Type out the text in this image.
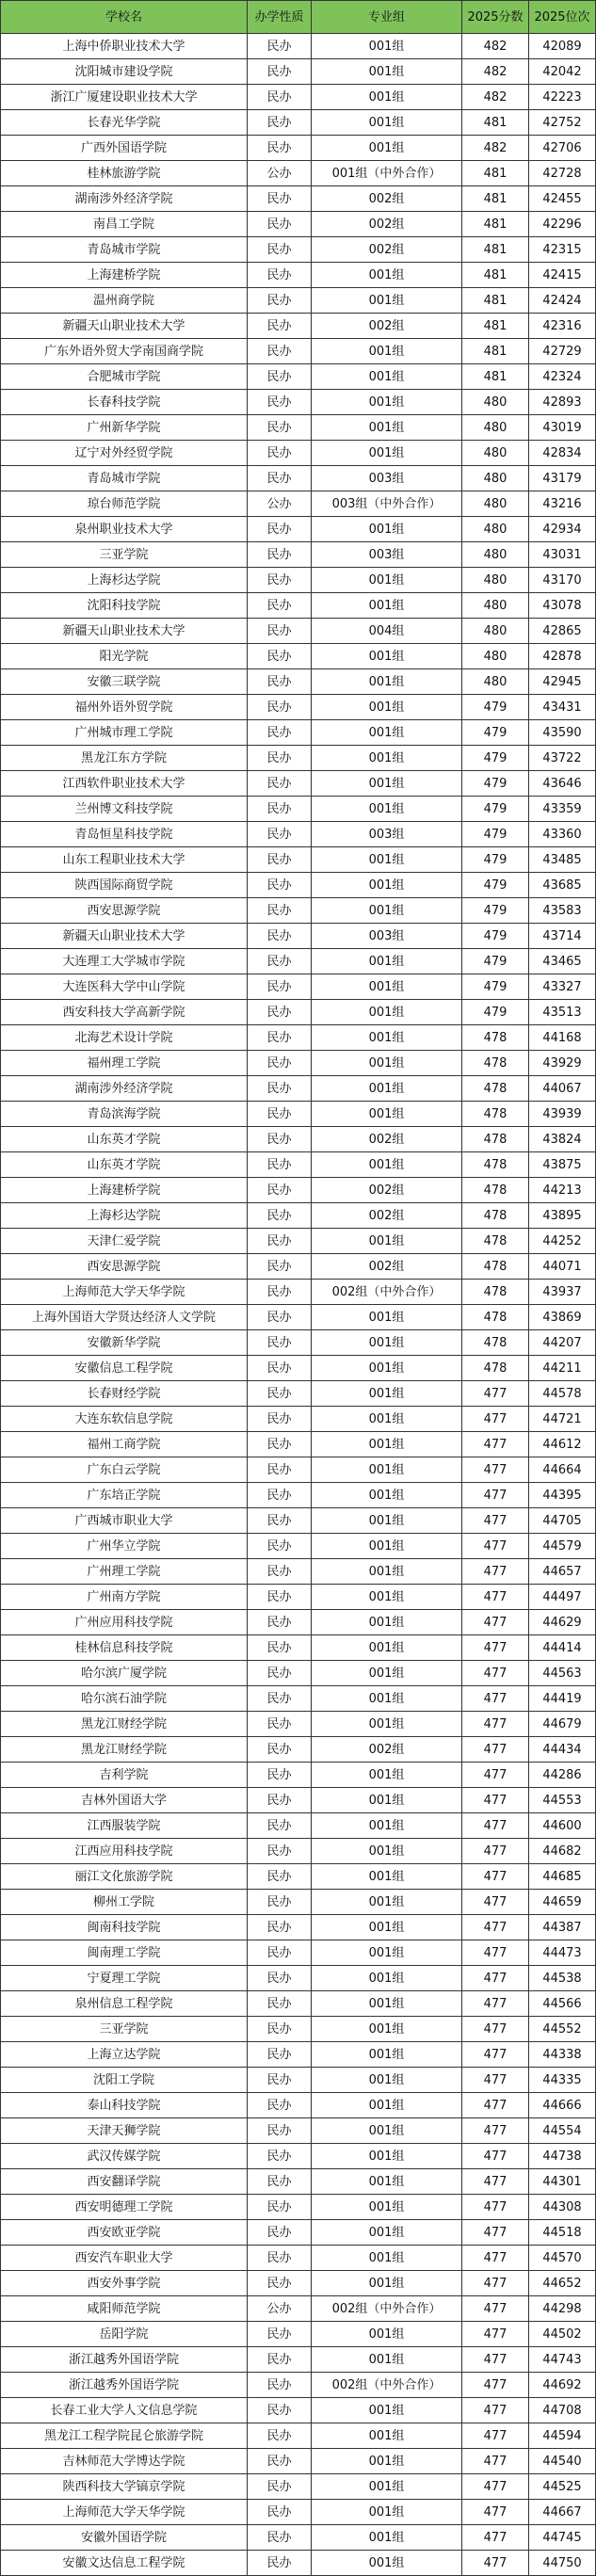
学校名	办学性质	专业组	2025分数	2025位次
上海中侨职业技术大学	民办	001组	482	42089
沈阳城市建设学院	民办	001组	482	42042
浙江广厦建设职业技术大学	民办	001组	482	42223
长春光华学院	民办	001组	481	42752
广西外国语学院	民办	001组	482	42706
桂林旅游学院	公办	001组（中外合作）	481	42728
湖南涉外经济学院	民办	002组	481	42455
南昌工学院	民办	002组	481	42296
青岛城市学院	民办	002组	481	42315
上海建桥学院	民办	001组	481	42415
温州商学院	民办	001组	481	42424
新疆天山职业技术大学	民办	002组	481	42316
广东外语外贸大学南国商学院	民办	001组	481	42729
合肥城市学院	民办	001组	481	42324
长春科技学院	民办	001组	480	42893
广州新华学院	民办	001组	480	43019
辽宁对外经贸学院	民办	001组	480	42834
青岛城市学院	民办	003组	480	43179
琼台师范学院	公办	003组（中外合作）	480	43216
泉州职业技术大学	民办	001组	480	42934
三亚学院	民办	003组	480	43031
上海杉达学院	民办	001组	480	43170
沈阳科技学院	民办	001组	480	43078
新疆天山职业技术大学	民办	004组	480	42865
阳光学院	民办	001组	480	42878
安徽三联学院	民办	001组	480	42945
福州外语外贸学院	民办	001组	479	43431
广州城市理工学院	民办	001组	479	43590
黑龙江东方学院	民办	001组	479	43722
江西软件职业技术大学	民办	001组	479	43646
兰州博文科技学院	民办	001组	479	43359
青岛恒星科技学院	民办	003组	479	43360
山东工程职业技术大学	民办	001组	479	43485
陕西国际商贸学院	民办	001组	479	43685
西安思源学院	民办	001组	479	43583
新疆天山职业技术大学	民办	003组	479	43714
大连理工大学城市学院	民办	001组	479	43465
大连医科大学中山学院	民办	001组	479	43327
西安科技大学高新学院	民办	001组	479	43513
北海艺术设计学院	民办	001组	478	44168
福州理工学院	民办	001组	478	43929
湖南涉外经济学院	民办	001组	478	44067
青岛滨海学院	民办	001组	478	43939
山东英才学院	民办	002组	478	43824
山东英才学院	民办	001组	478	43875
上海建桥学院	民办	002组	478	44213
上海杉达学院	民办	002组	478	43895
天津仁爱学院	民办	001组	478	44252
西安思源学院	民办	002组	478	44071
上海师范大学天华学院	民办	002组（中外合作）	478	43937
上海外国语大学贤达经济人文学院	民办	001组	478	43869
安徽新华学院	民办	001组	478	44207
安徽信息工程学院	民办	001组	478	44211
长春财经学院	民办	001组	477	44578
大连东软信息学院	民办	001组	477	44721
福州工商学院	民办	001组	477	44612
广东白云学院	民办	001组	477	44664
广东培正学院	民办	001组	477	44395
广西城市职业大学	民办	001组	477	44705
广州华立学院	民办	001组	477	44579
广州理工学院	民办	001组	477	44657
广州南方学院	民办	001组	477	44497
广州应用科技学院	民办	001组	477	44629
桂林信息科技学院	民办	001组	477	44414
哈尔滨广厦学院	民办	001组	477	44563
哈尔滨石油学院	民办	001组	477	44419
黑龙江财经学院	民办	001组	477	44679
黑龙江财经学院	民办	002组	477	44434
吉利学院	民办	001组	477	44286
吉林外国语大学	民办	001组	477	44553
江西服装学院	民办	001组	477	44600
江西应用科技学院	民办	001组	477	44682
丽江文化旅游学院	民办	001组	477	44685
柳州工学院	民办	001组	477	44659
闽南科技学院	民办	001组	477	44387
闽南理工学院	民办	001组	477	44473
宁夏理工学院	民办	001组	477	44538
泉州信息工程学院	民办	001组	477	44566
三亚学院	民办	001组	477	44552
上海立达学院	民办	001组	477	44338
沈阳工学院	民办	001组	477	44335
泰山科技学院	民办	001组	477	44666
天津天狮学院	民办	001组	477	44554
武汉传媒学院	民办	001组	477	44738
西安翻译学院	民办	001组	477	44301
西安明德理工学院	民办	001组	477	44308
西安欧亚学院	民办	001组	477	44518
西安汽车职业大学	民办	001组	477	44570
西安外事学院	民办	001组	477	44652
咸阳师范学院	公办	002组（中外合作）	477	44298
岳阳学院	民办	001组	477	44502
浙江越秀外国语学院	民办	001组	477	44743
浙江越秀外国语学院	民办	002组（中外合作）	477	44692
长春工业大学人文信息学院	民办	001组	477	44708
黑龙江工程学院昆仑旅游学院	民办	001组	477	44594
吉林师范大学博达学院	民办	001组	477	44540
陕西科技大学镐京学院	民办	001组	477	44525
上海师范大学天华学院	民办	001组	477	44667
安徽外国语学院	民办	001组	477	44745
安徽文达信息工程学院	民办	001组	477	44750
